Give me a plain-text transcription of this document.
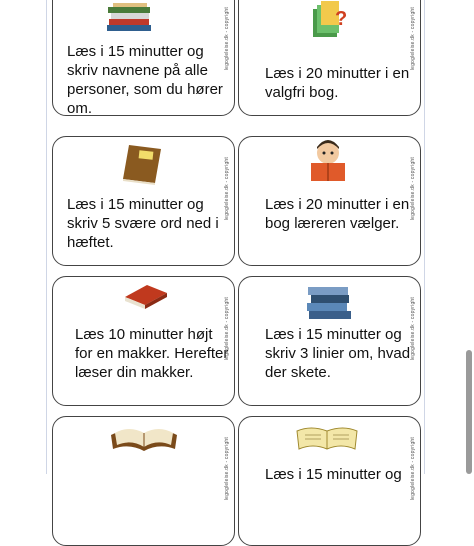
Læs i 15 minutter og
skriv navnene på alle
personer, som du hører
om.
legogleleise.dk - copyright	?
Læs i 20 minutter i en
valgfri bog.
legogleleise.dk - copyright
Læs i 15 minutter og
skriv 5 svære ord ned i
hæftet.
legogleleise.dk - copyright Læs i 20 minutter i en
bog læreren vælger.
legogleleise.dk - copyright
Læs 10 minutter højt
for en makker. Herefter
læser din makker.
legogleleise.dk - copyright Læs i 15 minutter og
skriv 3 linier om, hvad
der skete.
legogleleise.dk - copyright
legogleleise.dk - copyright Læs i 15 minutter og legogleleise.dk - copyright
